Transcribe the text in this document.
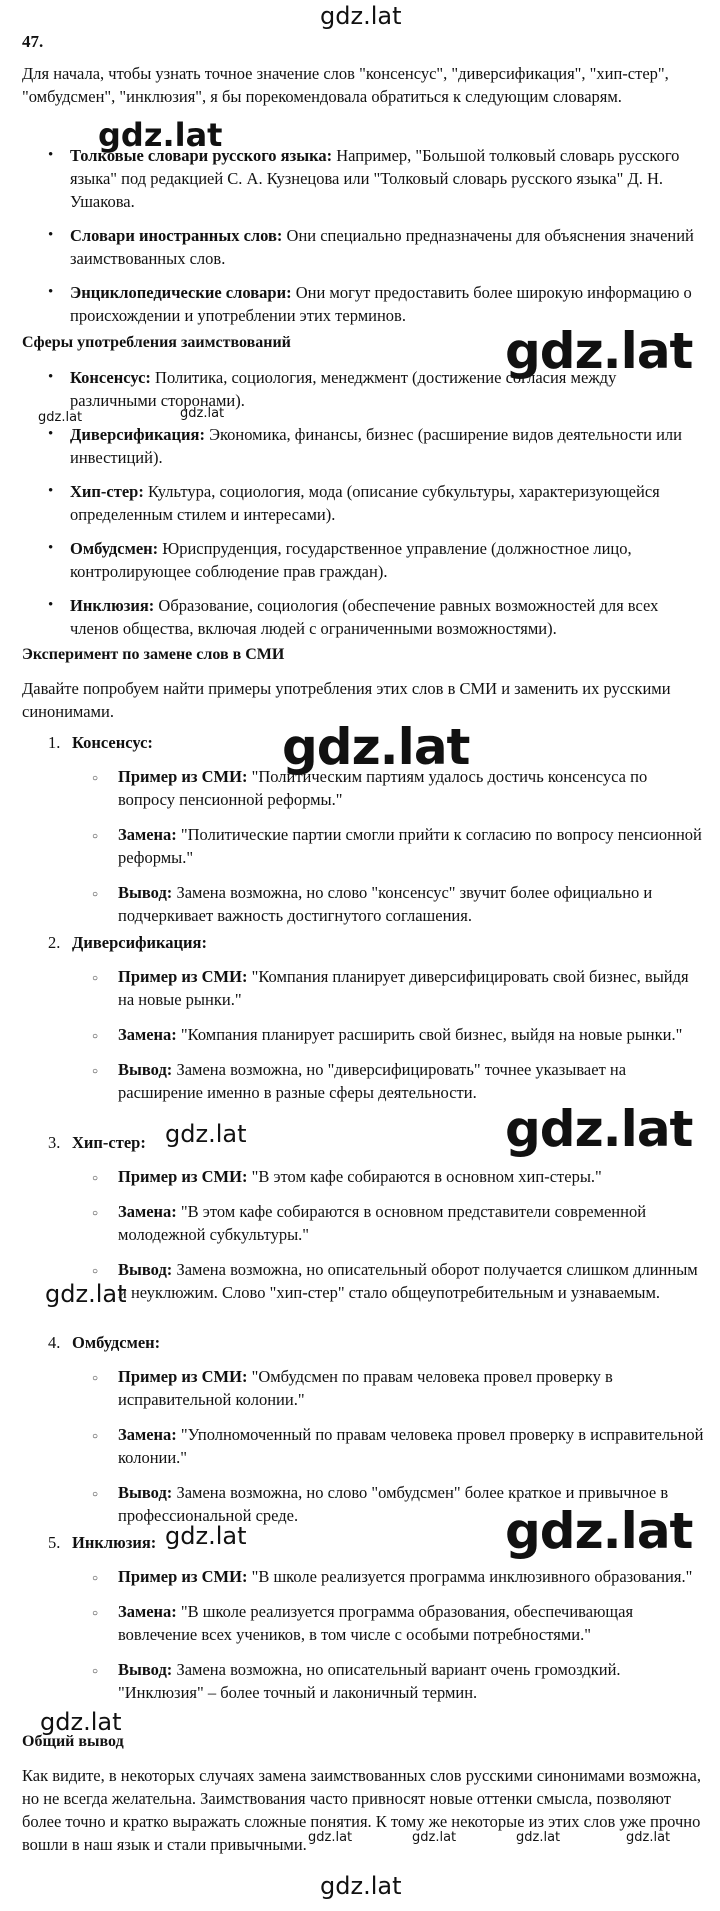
47.
Для начала, чтобы узнать точное значение слов "консенсус", "диверсификация", "хип-стер", "омбудсмен", "инклюзия", я бы порекомендовала обратиться к следующим словарям.
• Толковые словари русского языка: Например, "Большой толковый словарь русского языка" под редакцией С. А. Кузнецова или "Толковый словарь русского языка" Д. Н. Ушакова.
• Словари иностранных слов: Они специально предназначены для объяснения значений заимствованных слов.
• Энциклопедические словари: Они могут предоставить более широкую информацию о происхождении и употреблении этих терминов.
Сферы употребления заимствований
• Консенсус: Политика, социология, менеджмент (достижение согласия между различными сторонами).
• Диверсификация: Экономика, финансы, бизнес (расширение видов деятельности или инвестиций).
• Хип-стер: Культура, социология, мода (описание субкультуры, характеризующейся определенным стилем и интересами).
• Омбудсмен: Юриспруденция, государственное управление (должностное лицо, контролирующее соблюдение прав граждан).
• Инклюзия: Образование, социология (обеспечение равных возможностей для всех членов общества, включая людей с ограниченными возможностями).
Эксперимент по замене слов в СМИ
Давайте попробуем найти примеры употребления этих слов в СМИ и заменить их русскими синонимами.
1. Консенсус:
○ Пример из СМИ: "Политическим партиям удалось достичь консенсуса по вопросу пенсионной реформы."
○ Замена: "Политические партии смогли прийти к согласию по вопросу пенсионной реформы."
○ Вывод: Замена возможна, но слово "консенсус" звучит более официально и подчеркивает важность достигнутого соглашения.
2. Диверсификация:
○ Пример из СМИ: "Компания планирует диверсифицировать свой бизнес, выйдя на новые рынки."
○ Замена: "Компания планирует расширить свой бизнес, выйдя на новые рынки."
○ Вывод: Замена возможна, но "диверсифицировать" точнее указывает на расширение именно в разные сферы деятельности.
3. Хип-стер:
○ Пример из СМИ: "В этом кафе собираются в основном хип-стеры."
○ Замена: "В этом кафе собираются в основном представители современной молодежной субкультуры."
○ Вывод: Замена возможна, но описательный оборот получается слишком длинным и неуклюжим. Слово "хип-стер" стало общеупотребительным и узнаваемым.
4. Омбудсмен:
○ Пример из СМИ: "Омбудсмен по правам человека провел проверку в исправительной колонии."
○ Замена: "Уполномоченный по правам человека провел проверку в исправительной колонии."
○ Вывод: Замена возможна, но слово "омбудсмен" более краткое и привычное в профессиональной среде.
5. Инклюзия:
○ Пример из СМИ: "В школе реализуется программа инклюзивного образования."
○ Замена: "В школе реализуется программа образования, обеспечивающая вовлечение всех учеников, в том числе с особыми потребностями."
○ Вывод: Замена возможна, но описательный вариант очень громоздкий. "Инклюзия" – более точный и лаконичный термин.
Общий вывод
Как видите, в некоторых случаях замена заимствованных слов русскими синонимами возможна, но не всегда желательна. Заимствования часто привносят новые оттенки смысла, позволяют более точно и кратко выражать сложные понятия. К тому же некоторые из этих слов уже прочно вошли в наш язык и стали привычными.
gdz.lat
gdz.lat
gdz.lat
gdz.lat	gdz.lat
gdz.lat
gdz.lat	gdz.lat
gdz.lat
gdz.lat	gdz.lat
gdz.lat
gdz.lat	gdz.lat	gdz.lat	gdz.lat
gdz.lat
